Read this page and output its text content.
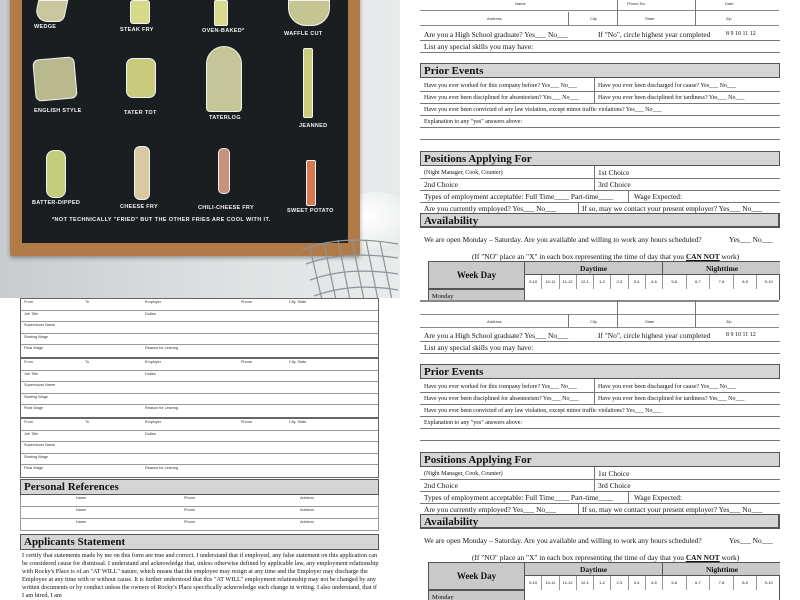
WEDGE	STEAK FRY	OVEN-BAKED*	WAFFLE CUT
ENGLISH STYLE	TATER TOT
TATERLOG
JEANNED
BATTER-DIPPED
CHEESE FRY	CHILI-CHEESE FRY	SWEET POTATO
*NOT TECHNICALLY "FRIED" BUT THE OTHER FRIES ARE COOL WITH IT.
From	To	Employer	Phone	City, State
Job Title	Duties
Supervisors Name
Starting Wage
Final Wage	Reason for Leaving
From	To	Employer	Phone	City, State
Job Title	Duties
Supervisors Name
Starting Wage
Final Wage	Reason for Leaving
From	To	Employer	Phone	City, State
Job Title	Duties
Supervisors Name
Starting Wage
Final Wage	Reason for Leaving
Personal References
Name	Phone	Address
Name	Phone	Address
Name	Phone	Address
Applicants Statement
I certify that statements made by me on this form are true and correct. I understand that if employed, any false statement on this application can be considered cause for dismissal. I understand and acknowledge that, unless otherwise defined by applicable law, any employment relationship with Rocky's Place is of an "AT WILL" nature, which means that the employee may resign at any time and the Employer may discharge the Employee at any time with or without cause. It is further understood that this "AT WILL" employment relationship may not be changed by any written documents or by conduct unless the owners of Rocky's Place specifically acknowledge such change in writing. I also understand, that if I am hired, I am
Name	Phone No.	Date
Address	City	State	Zip
Are you a High School graduate? Yes___ No___	If "No", circle highest year completed	8 9 10 11 12
List any special skills you may have:
Prior Events
Have you ever worked for this company before? Yes___ No___	Have you ever been discharged for cause? Yes___ No___
Have you ever been disciplined for absenteeism? Yes___ No___	Have you ever been disciplined for tardiness? Yes___ No___
Have you ever been convicted of any law violation, except minor traffic violations? Yes___ No___
Explanation to any "yes" answers above:
Positions Applying For
(Night Manager, Cook, Counter)	1st Choice
2nd Choice	3rd Choice
Types of employment acceptable: Full Time____ Part-time____	Wage Expected:
Are you currently employed? Yes___ No___	If so, may we contact your present employer? Yes___ No___
Availability
We are open Monday – Saturday. Are you available and willing to work any hours scheduled?	Yes___ No___
(If "NO" place an "X" in each box representing the time of day that you CAN NOT work)
Week Day
Daytime	Nighttime
9-10	10-11	11-12	12-1	1-2	2-3	3-4	4-5	5-6	6-7	7-8	8-9	9-10
Monday
Address	City	State	Zip
Are you a High School graduate? Yes___ No___	If "No", circle highest year completed	8 9 10 11 12
List any special skills you may have:
Prior Events
Have you ever worked for this company before? Yes___ No___	Have you ever been discharged for cause? Yes___ No___
Have you ever been disciplined for absenteeism? Yes___ No___	Have you ever been disciplined for tardiness? Yes___ No___
Have you ever been convicted of any law violation, except minor traffic violations? Yes___ No___
Explanation to any "yes" answers above:
Positions Applying For
(Night Manager, Cook, Counter)	1st Choice
2nd Choice	3rd Choice
Types of employment acceptable: Full Time____ Part-time____	Wage Expected:
Are you currently employed? Yes___ No___	If so, may we contact your present employer? Yes___ No___
Availability
We are open Monday – Saturday. Are you available and willing to work any hours scheduled?	Yes___ No___
(If "NO" place an "X" in each box representing the time of day that you CAN NOT work)
Week Day
Daytime	Nighttime
9-10	10-11	11-12	12-1	1-2	2-3	3-4	4-5	5-6	6-7	7-8	8-9	9-10
Monday
